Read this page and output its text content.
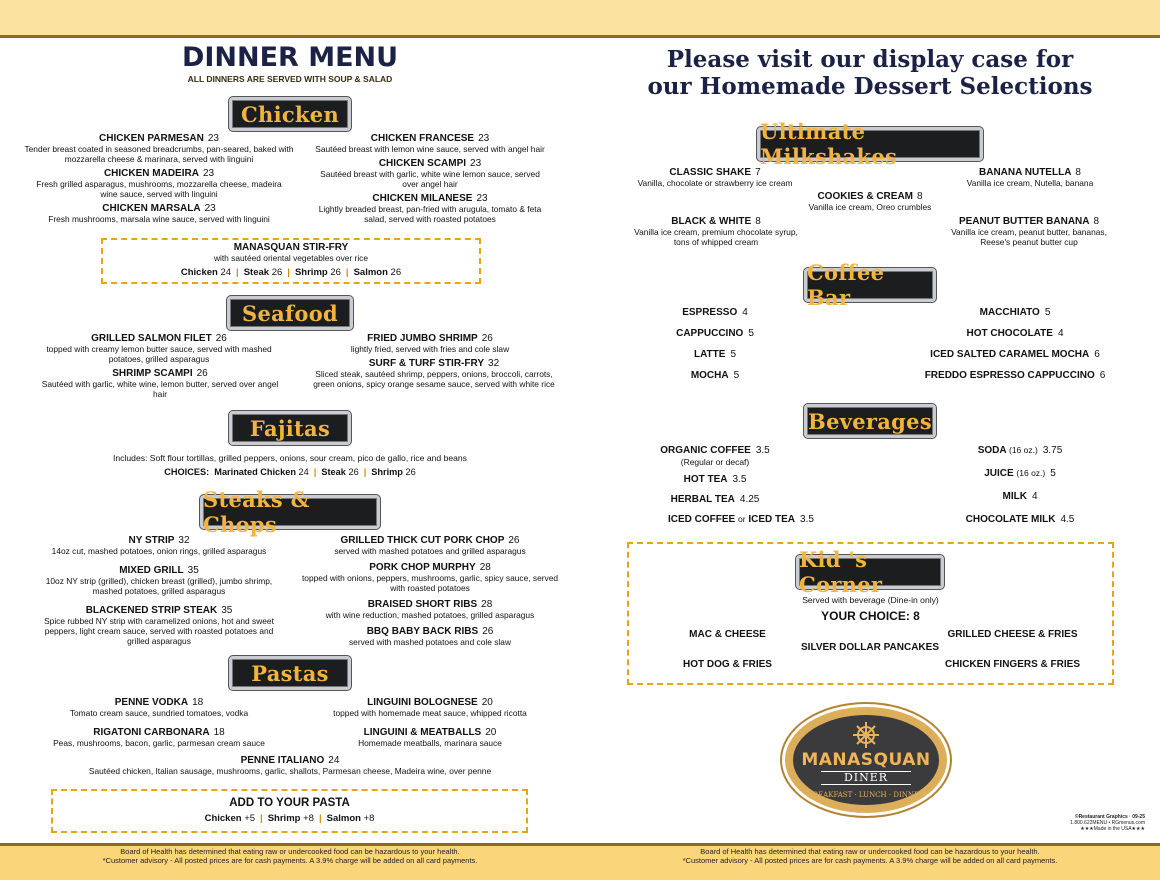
DINNER MENU
ALL DINNERS ARE SERVED WITH SOUP & SALAD
Chicken
CHICKEN PARMESAN 23
Tender breast coated in seasoned breadcrumbs, pan-seared, baked with mozzarella cheese & marinara, served with linguini
CHICKEN MADEIRA 23
Fresh grilled asparagus, mushrooms, mozzarella cheese, madeira wine sauce, served with linguini
CHICKEN MARSALA 23
Fresh mushrooms, marsala wine sauce, served with linguini
CHICKEN FRANCESE 23
Sautéed breast with lemon wine sauce, served with angel hair
CHICKEN SCAMPI 23
Sautéed breast with garlic, white wine lemon sauce, served over angel hair
CHICKEN MILANESE 23
Lightly breaded breast, pan-fried with arugula, tomato & feta salad, served with roasted potatoes
MANASQUAN STIR-FRY
with sautéed oriental vegetables over rice
Chicken 24 | Steak 26 | Shrimp 26 | Salmon 26
Seafood
GRILLED SALMON FILET 26
topped with creamy lemon butter sauce, served with mashed potatoes, grilled asparagus
SHRIMP SCAMPI 26
Sautéed with garlic, white wine, lemon butter, served over angel hair
FRIED JUMBO SHRIMP 26
lightly fried, served with fries and cole slaw
SURF & TURF STIR-FRY 32
Sliced steak, sautéed shrimp, peppers, onions, broccoli, carrots, green onions, spicy orange sesame sauce, served with white rice
Fajitas
Includes: Soft flour tortillas, grilled peppers, onions, sour cream, pico de gallo, rice and beans
CHOICES: Marinated Chicken 24 | Steak 26 | Shrimp 26
Steaks & Chops
NY STRIP 32
14oz cut, mashed potatoes, onion rings, grilled asparagus
MIXED GRILL 35
10oz NY strip (grilled), chicken breast (grilled), jumbo shrimp, mashed potatoes, grilled asparagus
BLACKENED STRIP STEAK 35
Spice rubbed NY strip with caramelized onions, hot and sweet peppers, light cream sauce, served with roasted potatoes and grilled asparagus
GRILLED THICK CUT PORK CHOP 26
served with mashed potatoes and grilled asparagus
PORK CHOP MURPHY 28
topped with onions, peppers, mushrooms, garlic, spicy sauce, served with roasted potatoes
BRAISED SHORT RIBS 28
with wine reduction, mashed potatoes, grilled asparagus
BBQ BABY BACK RIBS 26
served with mashed potatoes and cole slaw
Pastas
PENNE VODKA 18
Tomato cream sauce, sundried tomatoes, vodka
RIGATONI CARBONARA 18
Peas, mushrooms, bacon, garlic, parmesan cream sauce
LINGUINI BOLOGNESE 20
topped with homemade meat sauce, whipped ricotta
LINGUINI & MEATBALLS 20
Homemade meatballs, marinara sauce
PENNE ITALIANO 24
Sautéed chicken, Italian sausage, mushrooms, garlic, shallots, Parmesan cheese, Madeira wine, over penne
ADD TO YOUR PASTA
Chicken +5 | Shrimp +8 | Salmon +8
Please visit our display case for
our Homemade Dessert Selections
Ultimate Milkshakes
CLASSIC SHAKE 7
Vanilla, chocolate or strawberry ice cream
BANANA NUTELLA 8
Vanilla ice cream, Nutella, banana
COOKIES & CREAM 8
Vanilla ice cream, Oreo crumbles
BLACK & WHITE 8
Vanilla ice cream, premium chocolate syrup, tons of whipped cream
PEANUT BUTTER BANANA 8
Vanilla ice cream, peanut butter, bananas, Reese's peanut butter cup
Coffee Bar
ESPRESSO 4
CAPPUCCINO 5
LATTE 5
MOCHA 5
MACCHIATO 5
HOT CHOCOLATE 4
ICED SALTED CARAMEL MOCHA 6
FREDDO ESPRESSO CAPPUCCINO 6
Beverages
ORGANIC COFFEE 3.5
(Regular or decaf)
HOT TEA 3.5
HERBAL TEA 4.25
ICED COFFEE or ICED TEA 3.5
SODA (16 oz.) 3.75
JUICE (16 oz.) 5
MILK 4
CHOCOLATE MILK 4.5
Kid 's Corner
Served with beverage (Dine-in only)
YOUR CHOICE: 8
MAC & CHEESE	GRILLED CHEESE & FRIES
SILVER DOLLAR PANCAKES
HOT DOG & FRIES	CHICKEN FINGERS & FRIES
MANASQUAN
DINER
BREAKFAST · LUNCH · DINNER
©Restaurant Graphics · 09-25
1.800.622MENU • RGmenus.com
★★★Made in the USA★★★
Board of Health has determined that eating raw or undercooked food can be hazardous to your health.
*Customer advisory - All posted prices are for cash payments. A 3.9% charge will be added on all card payments.
Board of Health has determined that eating raw or undercooked food can be hazardous to your health.
*Customer advisory - All posted prices are for cash payments. A 3.9% charge will be added on all card payments.
